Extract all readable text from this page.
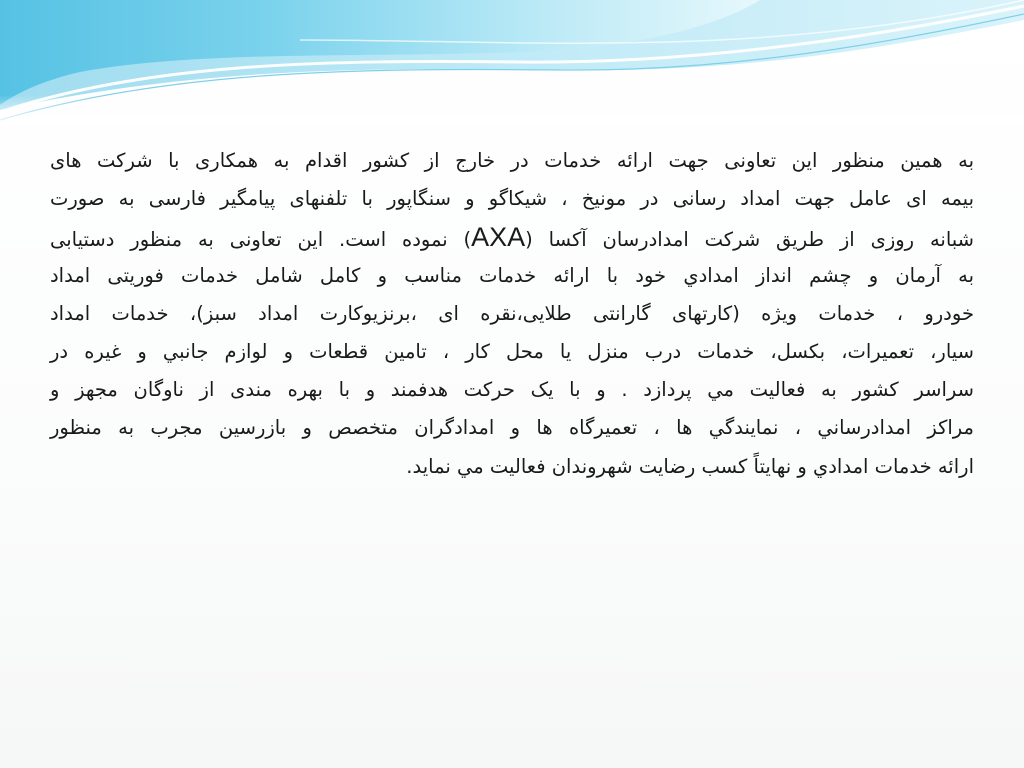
به همین منظور این تعاونی جهت ارائه خدمات در خارج از کشور اقدام به همکاری با شرکت های
بیمه ای عامل جهت امداد رسانی در مونیخ ، شیکاگو و سنگاپور با تلفنهای پیامگیر فارسی به صورت
شبانه روزی از طریق شرکت امدادرسان آکسا (AXA) نموده است. این تعاونی به منظور دستیابی
به آرمان و چشم انداز امدادي خود با ارائه خدمات مناسب و کامل شامل خدمات فوریتی امداد
خودرو ، خدمات ویژه (کارتهای گارانتی طلایی،نقره ای ،برنزیوکارت امداد سبز)، خدمات امداد
سیار، تعمیرات، بکسل، خدمات درب منزل یا محل کار ، تامین قطعات و لوازم جانبي و غیره در
سراسر کشور به فعالیت مي پردازد . و با یک حرکت هدفمند و با بهره مندی از ناوگان مجهز و
مراکز امدادرساني ، نمایندگي ها ، تعمیرگاه ها و امدادگران متخصص و بازرسین مجرب به منظور
ارائه خدمات امدادي و نهایتاً کسب رضایت شهروندان فعالیت مي نماید.
